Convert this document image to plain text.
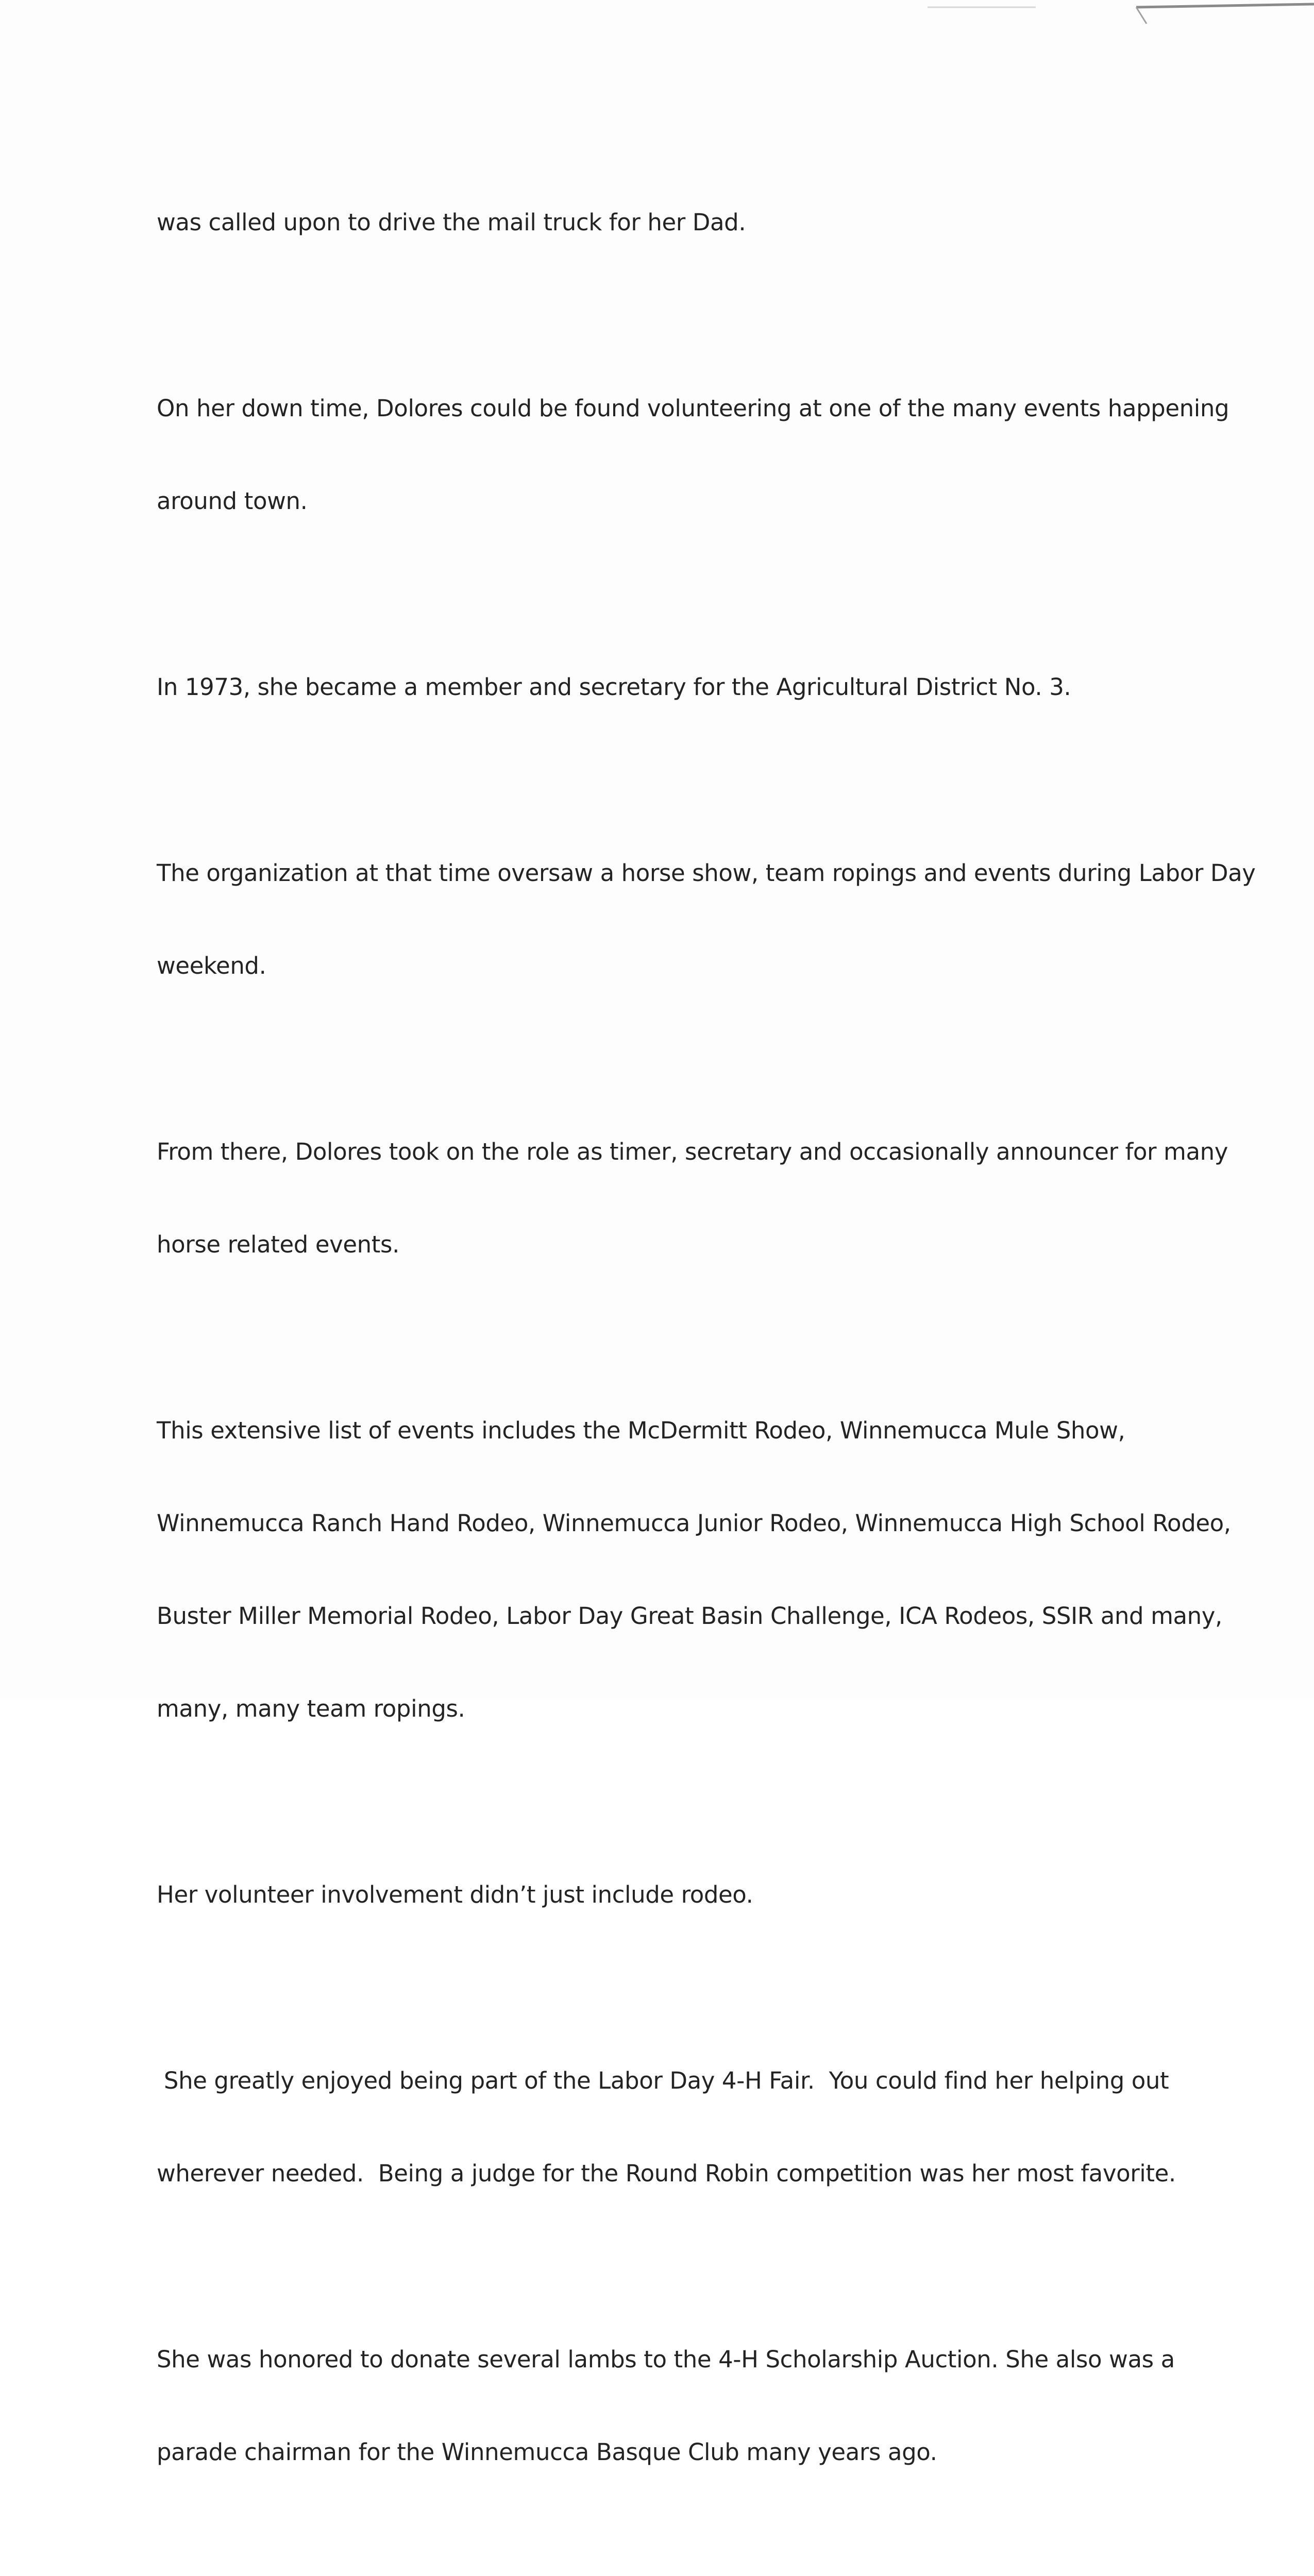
was called upon to drive the mail truck for her Dad.

On her down time, Dolores could be found volunteering at one of the many events happening

around town.

In 1973, she became a member and secretary for the Agricultural District No. 3.

The organization at that time oversaw a horse show, team ropings and events during Labor Day

weekend.

From there, Dolores took on the role as timer, secretary and occasionally announcer for many

horse related events.

This extensive list of events includes the McDermitt Rodeo, Winnemucca Mule Show,

Winnemucca Ranch Hand Rodeo, Winnemucca Junior Rodeo, Winnemucca High School Rodeo,

Buster Miller Memorial Rodeo, Labor Day Great Basin Challenge, ICA Rodeos, SSIR and many,

many, many team ropings.

Her volunteer involvement didn’t just include rodeo.

She greatly enjoyed being part of the Labor Day 4-H Fair.  You could find her helping out

wherever needed.  Being a judge for the Round Robin competition was her most favorite.

She was honored to donate several lambs to the 4-H Scholarship Auction. She also was a

parade chairman for the Winnemucca Basque Club many years ago.
